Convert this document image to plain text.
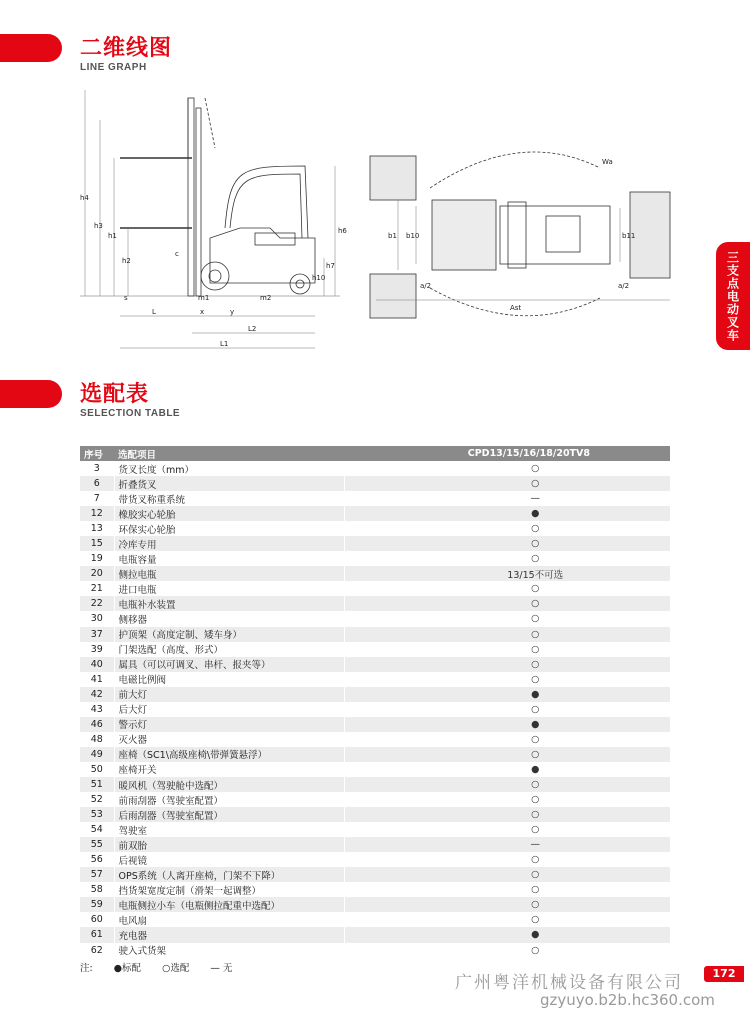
二维线图
LINE GRAPH
h4
h3
h1
h2
h6
h7
h10
s
c
m1	m2
x	y
L
L2
L1
b1 b10	b11
a/2	a/2
Ast
Wa
三支点电动叉车
选配表
SELECTION TABLE
序号	选配项目	CPD13/15/16/18/20TV8
3	货叉长度（mm）	○
6	折叠货叉	○
7	带货叉称重系统	—
12	橡胶实心轮胎	●
13	环保实心轮胎	○
15	冷库专用	○
19	电瓶容量	○
20	侧拉电瓶	13/15不可选
21	进口电瓶	○
22	电瓶补水装置	○
30	侧移器	○
37	护顶架（高度定制、矮车身）	○
39	门架选配（高度、形式）	○
40	属具（可以可调叉、串杆、报夹等）	○
41	电磁比例阀	○
42	前大灯	●
43	后大灯	○
46	警示灯	●
48	灭火器	○
49	座椅（SC1\高级座椅\带弹簧悬浮）	○
50	座椅开关	●
51	暖风机（驾驶舱中选配）	○
52	前雨刮器（驾驶室配置）	○
53	后雨刮器（驾驶室配置）	○
54	驾驶室	○
55	前双胎	—
56	后视镜	○
57	OPS系统（人离开座椅，门架不下降）	○
58	挡货架宽度定制（滑架一起调整）	○
59	电瓶侧拉小车（电瓶侧拉配重中选配）	○
60	电风扇	○
61	充电器	●
62	驶入式货架	○
注: ●标配 ○选配 — 无
广州粤洋机械设备有限公司
gzyuyo.b2b.hc360.com
172
